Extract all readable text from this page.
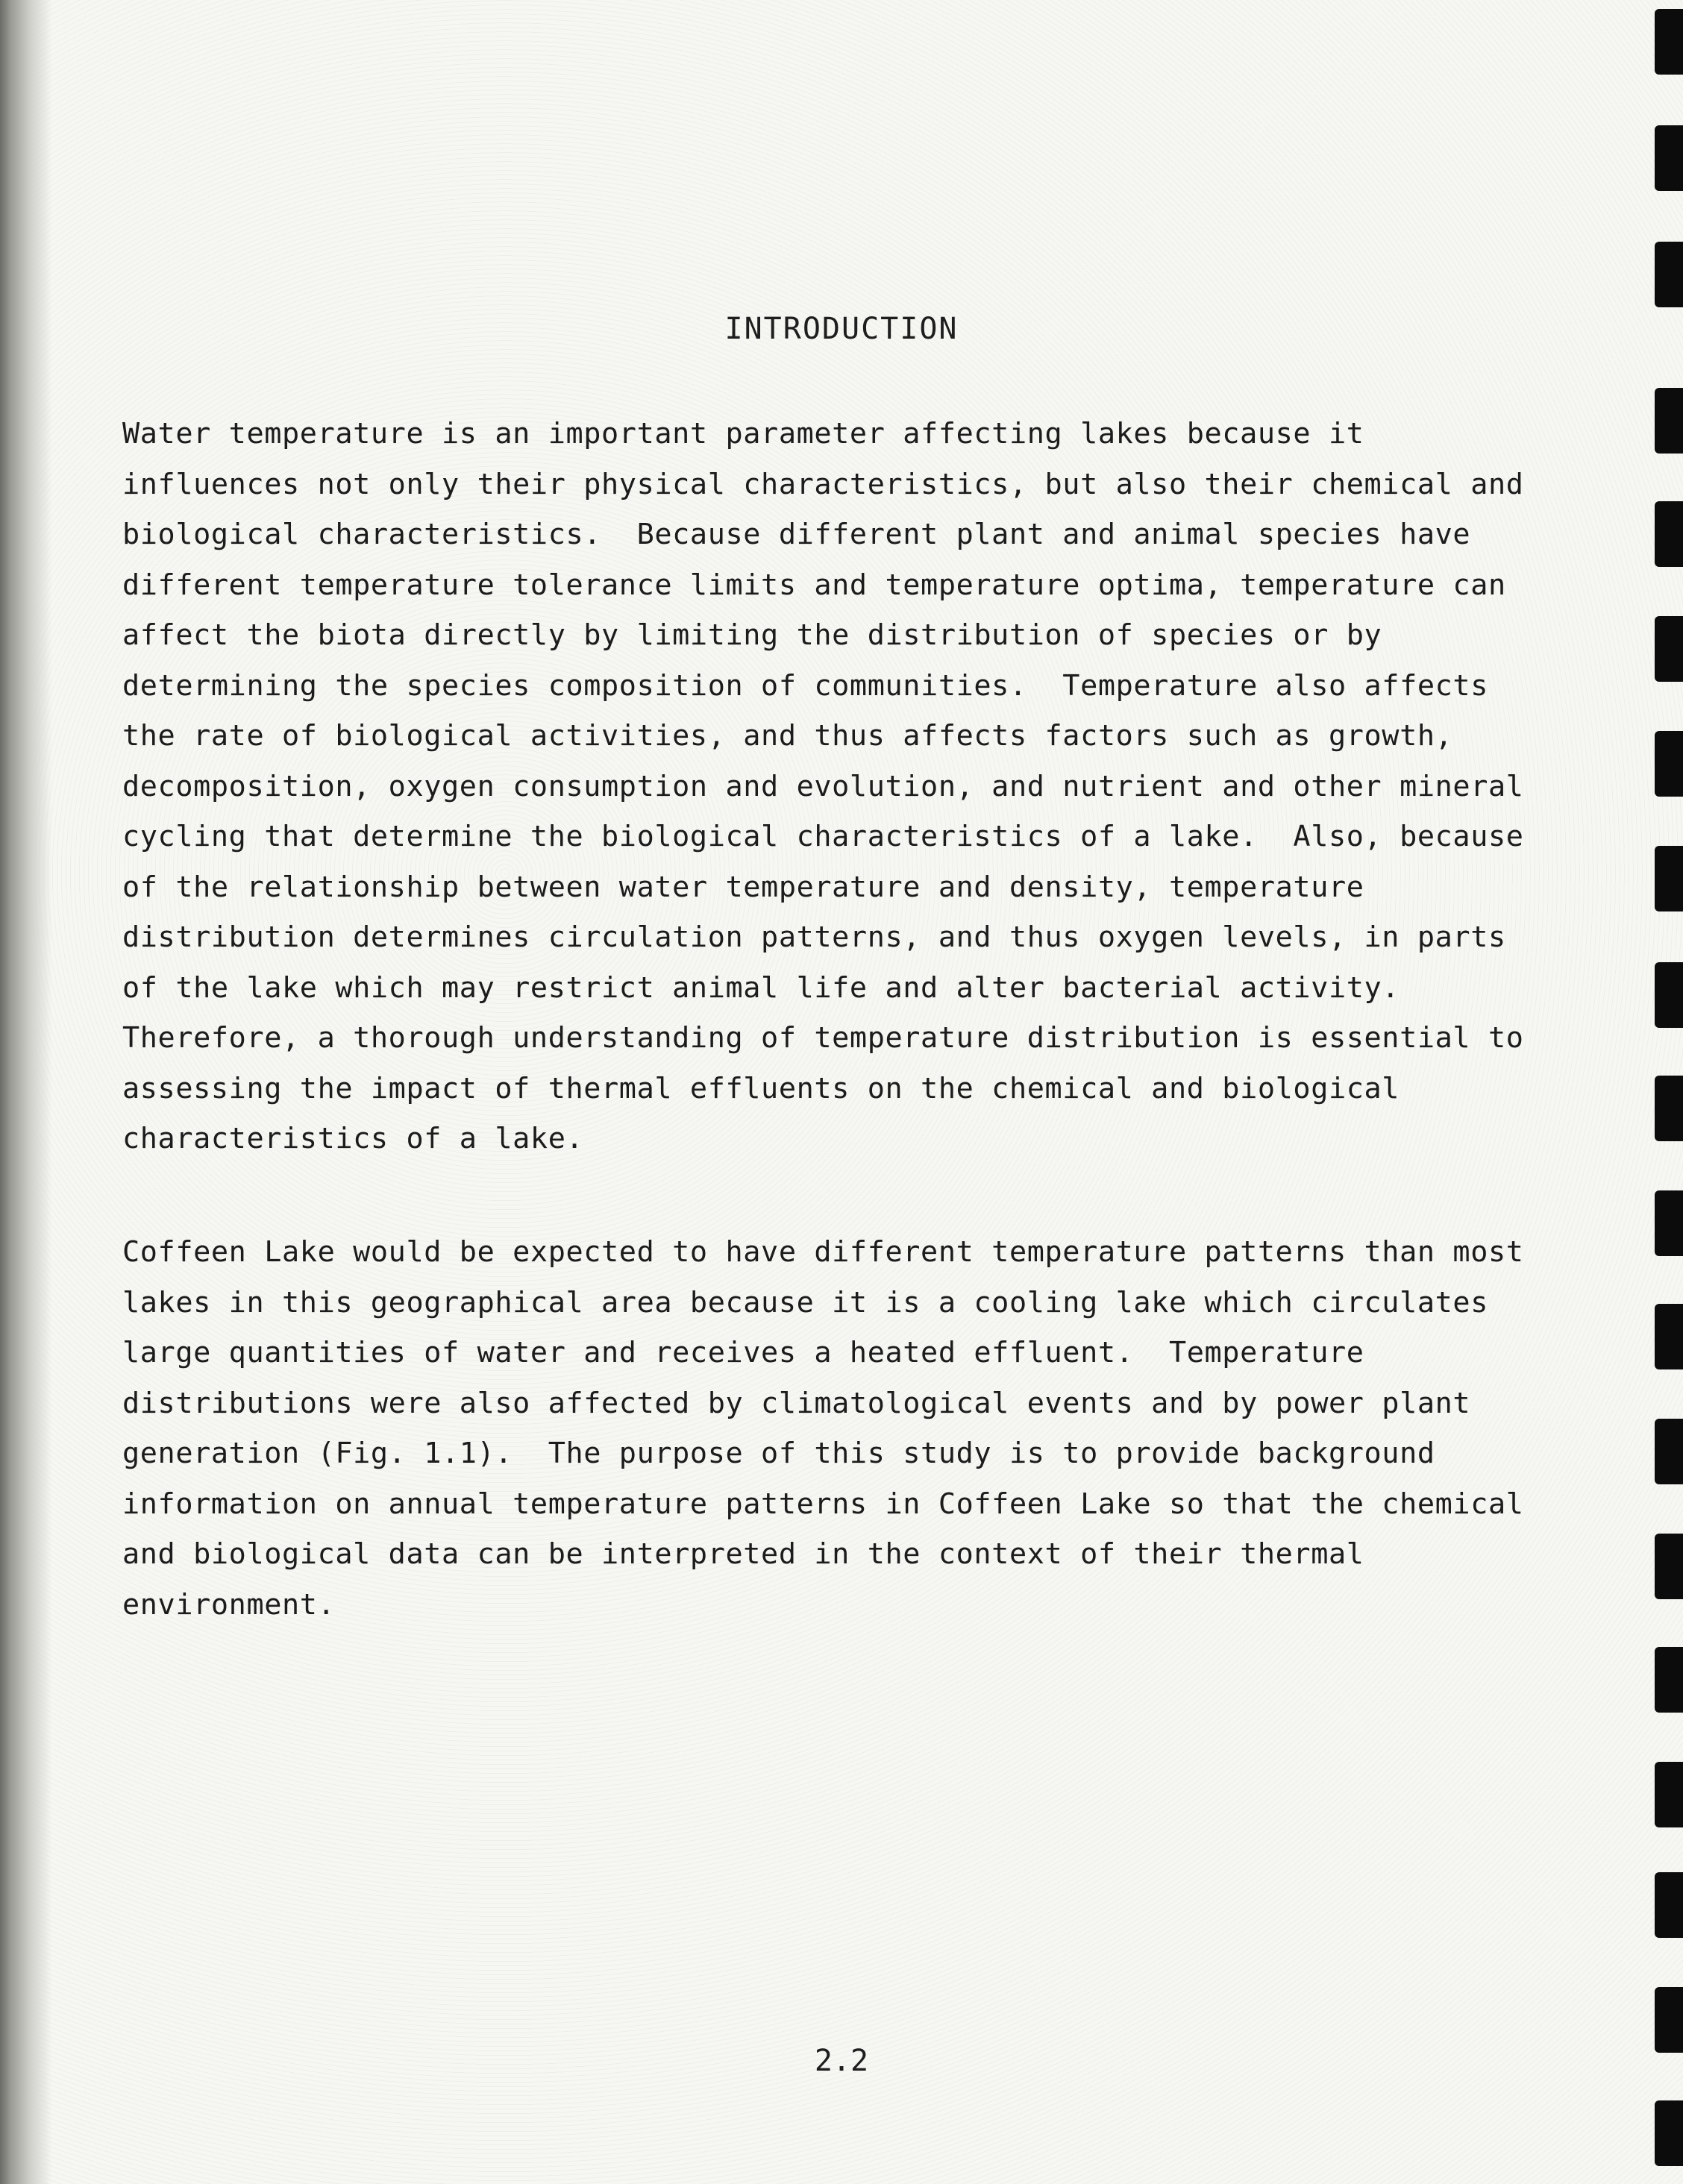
INTRODUCTION
Water temperature is an important parameter affecting lakes because it
influences not only their physical characteristics, but also their chemical and
biological characteristics.  Because different plant and animal species have
different temperature tolerance limits and temperature optima, temperature can
affect the biota directly by limiting the distribution of species or by
determining the species composition of communities.  Temperature also affects
the rate of biological activities, and thus affects factors such as growth,
decomposition, oxygen consumption and evolution, and nutrient and other mineral
cycling that determine the biological characteristics of a lake.  Also, because
of the relationship between water temperature and density, temperature
distribution determines circulation patterns, and thus oxygen levels, in parts
of the lake which may restrict animal life and alter bacterial activity.
Therefore, a thorough understanding of temperature distribution is essential to
assessing the impact of thermal effluents on the chemical and biological
characteristics of a lake.
Coffeen Lake would be expected to have different temperature patterns than most
lakes in this geographical area because it is a cooling lake which circulates
large quantities of water and receives a heated effluent.  Temperature
distributions were also affected by climatological events and by power plant
generation (Fig. 1.1).  The purpose of this study is to provide background
information on annual temperature patterns in Coffeen Lake so that the chemical
and biological data can be interpreted in the context of their thermal
environment.
2.2
